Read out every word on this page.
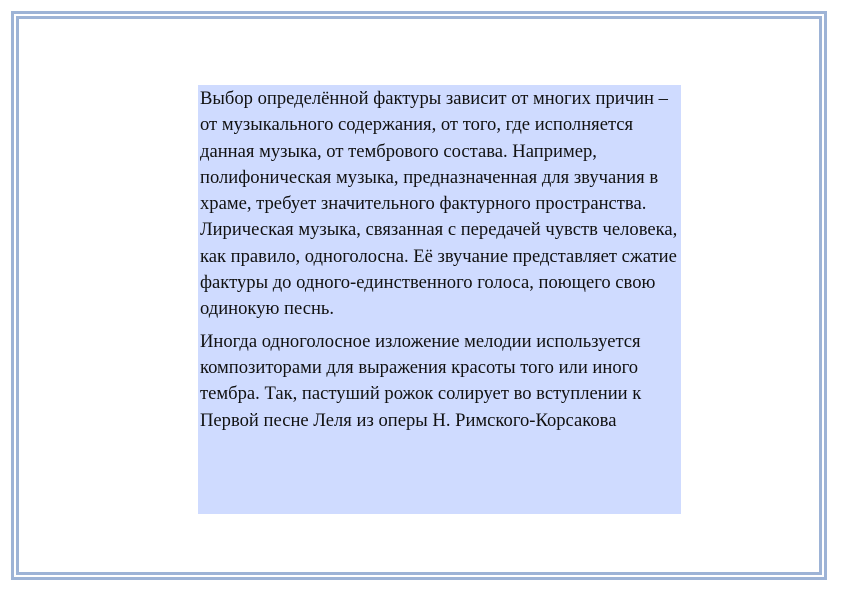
Выбор определённой фактуры зависит от многих причин – от музыкального содержания, от того, где исполняется данная музыка, от тембрового состава. Например, полифоническая музыка, предназначенная для звучания в храме, требует значительного фактурного пространства. Лирическая музыка, связанная с передачей чувств человека, как правило, одноголосна. Её звучание представляет сжатие фактуры до одного-единственного голоса, поющего свою одинокую песнь.

Иногда одноголосное изложение мелодии используется композиторами для выражения красоты того или иного тембра. Так, пастуший рожок солирует во вступлении к Первой песне Леля из оперы Н. Римского-Корсакова
